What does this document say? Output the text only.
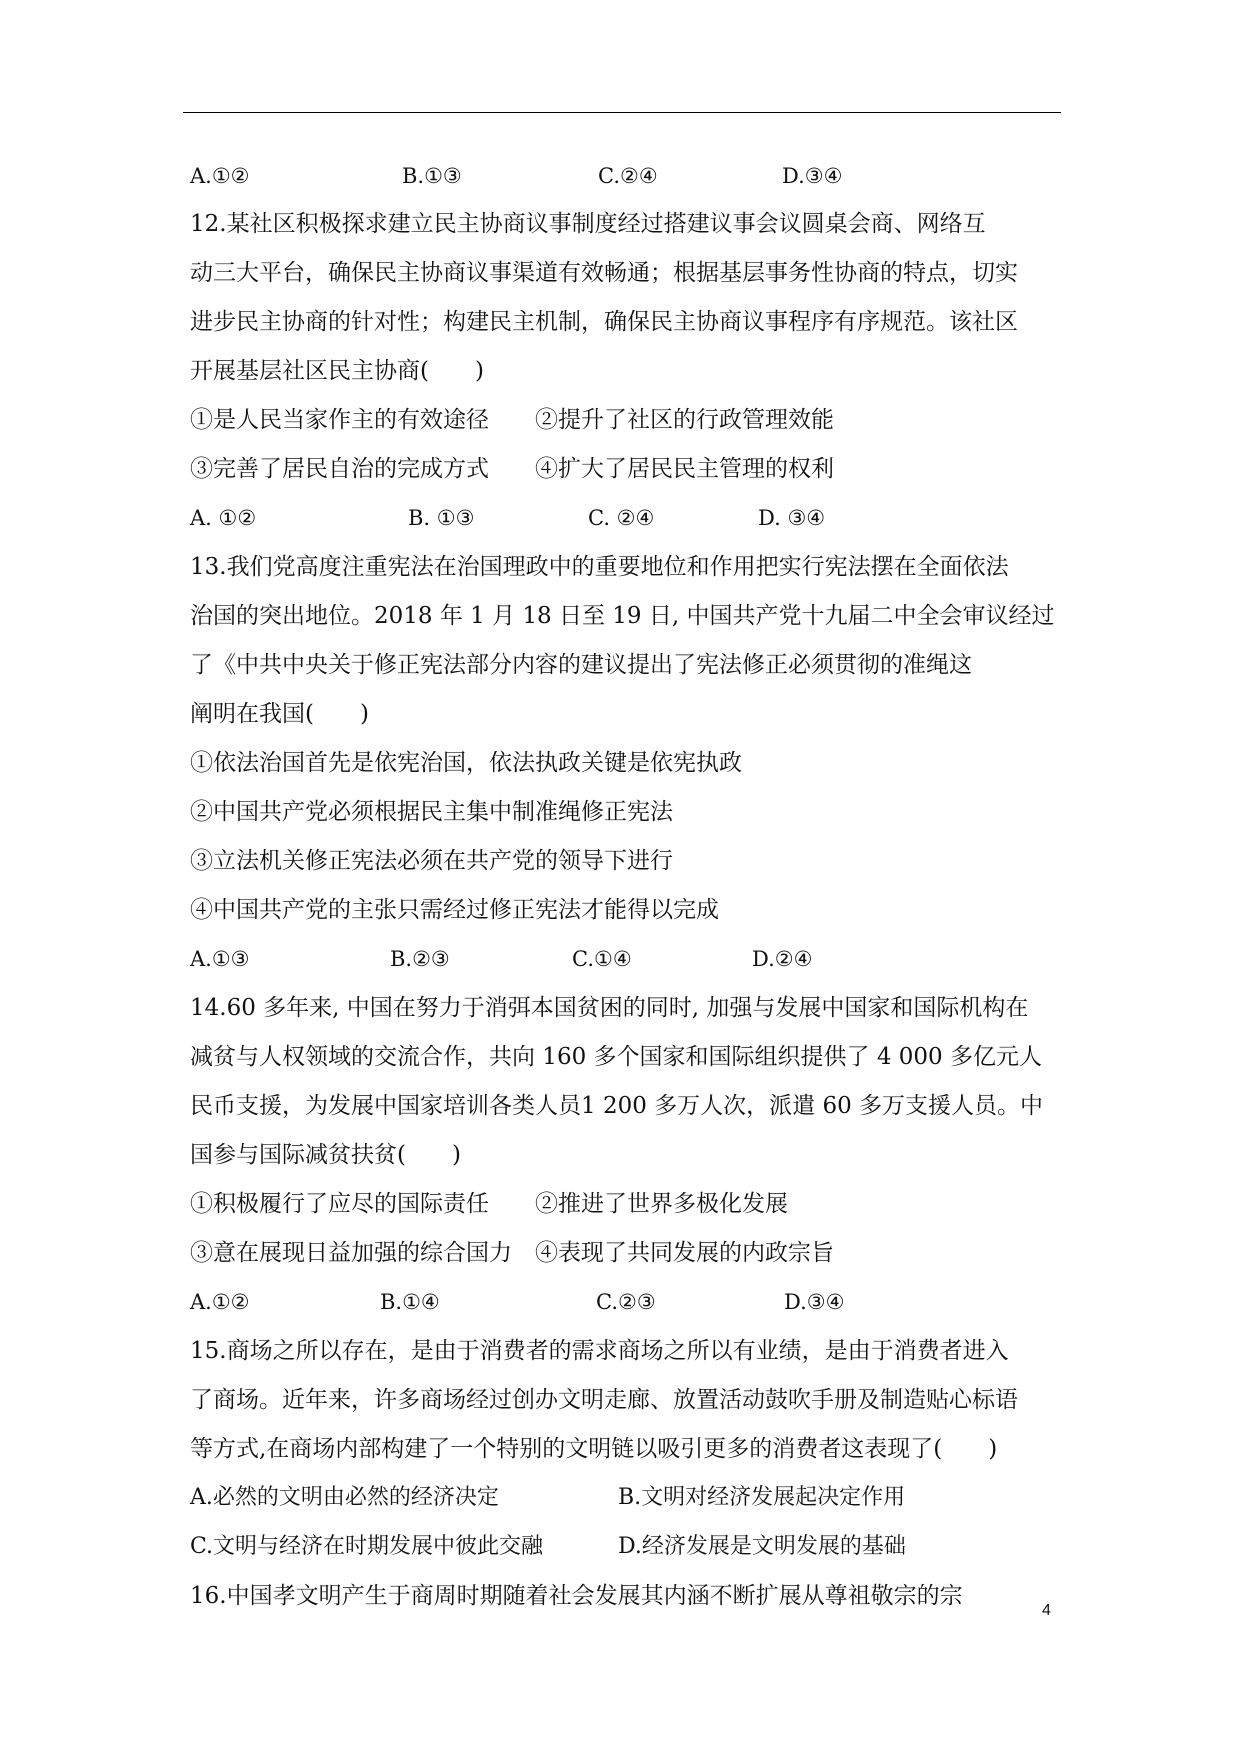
A.①②	B.①③	C.②④	D.③④
12.某社区积极探求建立民主协商议事制度经过搭建议事会议圆桌会商、网络互
动三大平台，确保民主协商议事渠道有效畅通；根据基层事务性协商的特点，切实
进步民主协商的针对性；构建民主机制，确保民主协商议事程序有序规范。该社区
开展基层社区民主协商(　　)
①是人民当家作主的有效途径　　②提升了社区的行政管理效能
③完善了居民自治的完成方式　　④扩大了居民民主管理的权利
A. ①②	B. ①③	C. ②④	D. ③④
13.我们党高度注重宪法在治国理政中的重要地位和作用把实行宪法摆在全面依法
治国的突出地位。2018 年 1 月 18 日至 19 日, 中国共产党十九届二中全会审议经过
了《中共中央关于修正宪法部分内容的建议提出了宪法修正必须贯彻的准绳这
阐明在我国(　　)
①依法治国首先是依宪治国，依法执政关键是依宪执政
②中国共产党必须根据民主集中制准绳修正宪法
③立法机关修正宪法必须在共产党的领导下进行
④中国共产党的主张只需经过修正宪法才能得以完成
A.①③	B.②③	C.①④	D.②④
14.60 多年来, 中国在努力于消弭本国贫困的同时, 加强与发展中国家和国际机构在
减贫与人权领域的交流合作，共向 160 多个国家和国际组织提供了 4 000 多亿元人
民币支援，为发展中国家培训各类人员1 200 多万人次，派遣 60 多万支援人员。中
国参与国际减贫扶贫(　　)
①积极履行了应尽的国际责任　　②推进了世界多极化发展
③意在展现日益加强的综合国力　④表现了共同发展的内政宗旨
A.①②	B.①④	C.②③	D.③④
15.商场之所以存在，是由于消费者的需求商场之所以有业绩，是由于消费者进入
了商场。近年来，许多商场经过创办文明走廊、放置活动鼓吹手册及制造贴心标语
等方式,在商场内部构建了一个特别的文明链以吸引更多的消费者这表现了(　　)
A.必然的文明由必然的经济决定	B.文明对经济发展起决定作用
C.文明与经济在时期发展中彼此交融	D.经济发展是文明发展的基础
16.中国孝文明产生于商周时期随着社会发展其内涵不断扩展从尊祖敬宗的宗
4
